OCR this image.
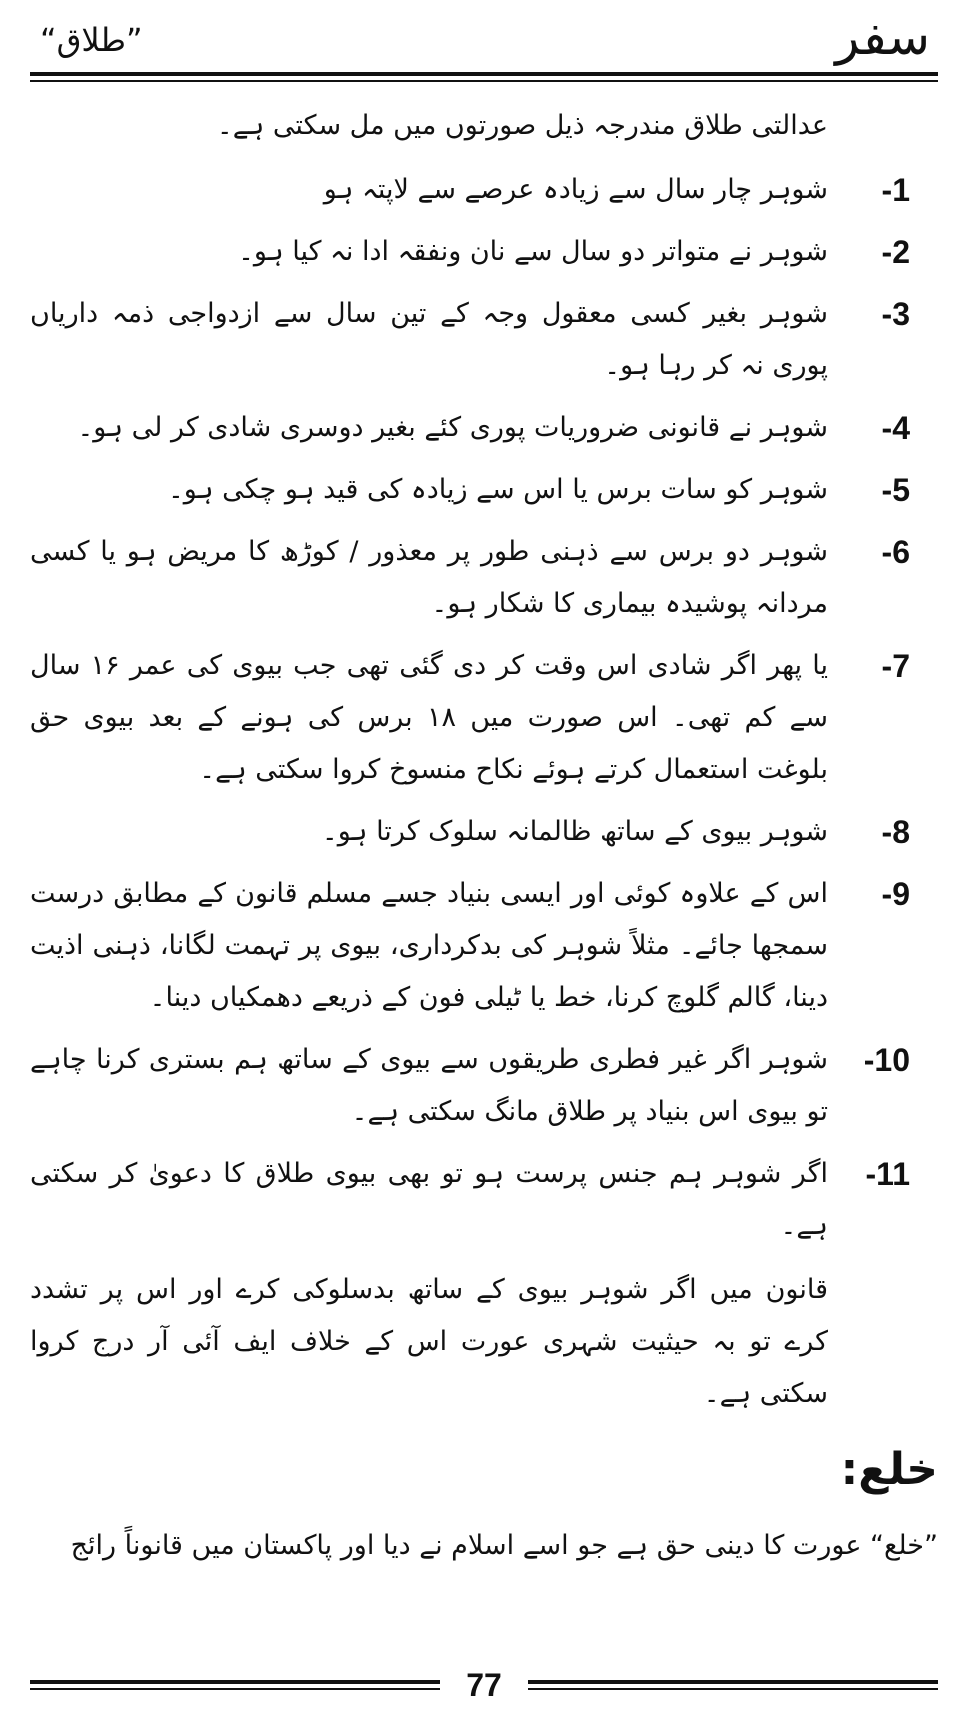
سفر
”طلاق“

عدالتی طلاق مندرجہ ذیل صورتوں میں مل سکتی ہے۔

-1
شوہر چار سال سے زیادہ عرصے سے لاپتہ ہو
-2
شوہر نے متواتر دو سال سے نان ونفقہ ادا نہ کیا ہو۔
-3
شوہر بغیر کسی معقول وجہ کے تین سال سے ازدواجی ذمہ داریاں پوری نہ کر رہا ہو۔
-4
شوہر نے قانونی ضروریات پوری کئے بغیر دوسری شادی کر لی ہو۔
-5
شوہر کو سات برس یا اس سے زیادہ کی قید ہو چکی ہو۔
-6
شوہر دو برس سے ذہنی طور پر معذور / کوڑھ کا مریض ہو یا کسی مردانہ پوشیدہ بیماری کا شکار ہو۔
-7
یا پھر اگر شادی اس وقت کر دی گئی تھی جب بیوی کی عمر ۱۶ سال سے کم تھی۔ اس صورت میں ۱۸ برس کی ہونے کے بعد بیوی حق بلوغت استعمال کرتے ہوئے نکاح منسوخ کروا سکتی ہے۔
-8
شوہر بیوی کے ساتھ ظالمانہ سلوک کرتا ہو۔
-9
اس کے علاوہ کوئی اور ایسی بنیاد جسے مسلم قانون کے مطابق درست سمجھا جائے۔ مثلاً شوہر کی بدکرداری، بیوی پر تہمت لگانا، ذہنی اذیت دینا، گالم گلوچ کرنا، خط یا ٹیلی فون کے ذریعے دھمکیاں دینا۔
-10
شوہر اگر غیر فطری طریقوں سے بیوی کے ساتھ ہم بستری کرنا چاہے تو بیوی اس بنیاد پر طلاق مانگ سکتی ہے۔
-11
اگر شوہر ہم جنس پرست ہو تو بھی بیوی طلاق کا دعویٰ کر سکتی ہے۔

قانون میں اگر شوہر بیوی کے ساتھ بدسلوکی کرے اور اس پر تشدد کرے تو بہ حیثیت شہری عورت اس کے خلاف ایف آئی آر درج کروا سکتی ہے۔

خلع:

”خلع“ عورت کا دینی حق ہے جو اسے اسلام نے دیا اور پاکستان میں قانوناً رائج

77
